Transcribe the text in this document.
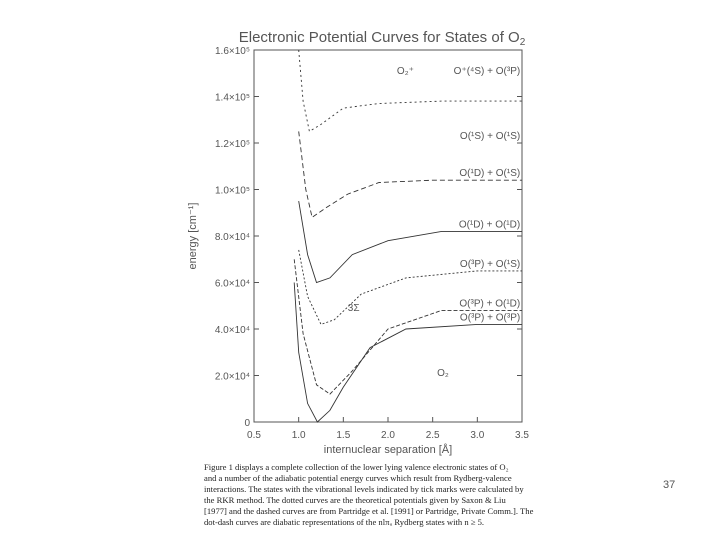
Electronic Potential Curves for States of $O_2$
0
2.0×10⁴
4.0×10⁴
6.0×10⁴
8.0×10⁴
1.0×10⁵
1.2×10⁵
1.4×10⁵
1.6×10⁵
0.5	1.0	1.5	2.0	2.5	3.0	3.5
energy [cm⁻¹]
internuclear separation [Å]
O₂⁺	O⁺(⁴S) + O(³P)
O(¹S) + O(¹S)
O(¹D) + O(¹S)
O(¹D) + O(¹D)
O(³P) + O(¹S)
O(³P) + O(¹D)
O(³P) + O(³P)
O₂
3Σ
Figure 1 displays a complete collection of the lower lying valence electronic states of O₂
and a number of the adiabatic potential energy curves which result from Rydberg-valence
interactions. The states with the vibrational levels indicated by tick marks were calculated by
the RKR method. The dotted curves are the theoretical potentials given by Saxon & Liu
[1977] and the dashed curves are from Partridge et al. [1991] or Partridge, Private Comm.]. The
dot-dash curves are diabatic representations of the nlπᵤ Rydberg states with n ≥ 5.
37
